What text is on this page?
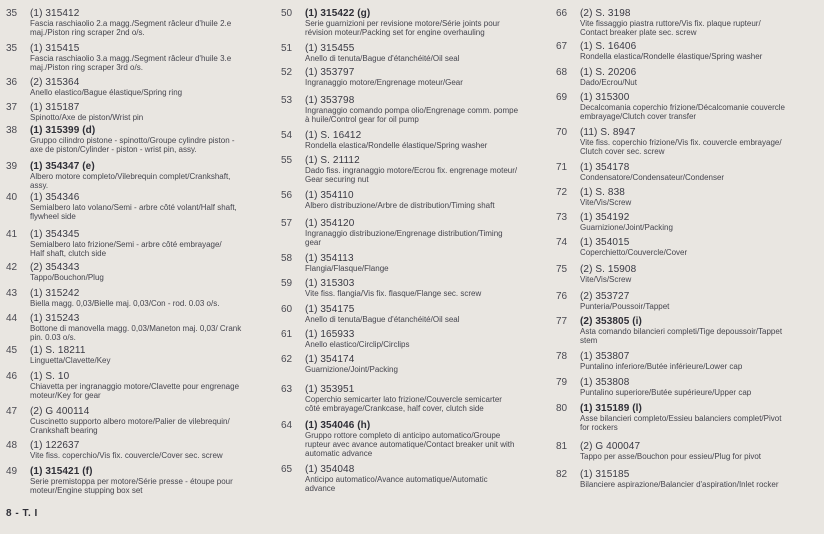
35	(1) 315412
Fascia raschiaolio 2.a magg./Segment râcleur d'huile 2.e
maj./Piston ring scraper 2nd o/s.
35	(1) 315415
Fascia raschiaolio 3.a magg./Segment râcleur d'huile 3.e
maj./Piston ring scraper 3rd o/s.
36	(2) 315364
Anello elastico/Bague élastique/Spring ring
37	(1) 315187
Spinotto/Axe de piston/Wrist pin
38	(1) 315399 (d)
Gruppo cilindro pistone - spinotto/Groupe cylindre piston -
axe de piston/Cylinder - piston - wrist pin, assy.
39	(1) 354347 (e)
Albero motore completo/Vilebrequin complet/Crankshaft,
assy.
40	(1) 354346
Semialbero lato volano/Semi - arbre côté volant/Half shaft,
flywheel side
41	(1) 354345
Semialbero lato frizione/Semi - arbre côté embrayage/
Half shaft, clutch side
42	(2) 354343
Tappo/Bouchon/Plug
43	(1) 315242
Biella magg. 0,03/Bielle maj. 0,03/Con - rod. 0.03 o/s.
44	(1) 315243
Bottone di manovella magg. 0,03/Maneton maj. 0,03/ Crank
pin. 0.03 o/s.
45	(1) S. 18211
Linguetta/Clavette/Key
46	(1) S. 10
Chiavetta per ingranaggio motore/Clavette pour engrenage
moteur/Key for gear
47	(2) G 400114
Cuscinetto supporto albero motore/Palier de vilebrequin/
Crankshaft bearing
48	(1) 122637
Vite fiss. coperchio/Vis fix. couvercle/Cover sec. screw
49	(1) 315421 (f)
Serie premistoppa per motore/Série presse - étoupe pour
moteur/Engine stupping box set
50	(1) 315422 (g)
Serie guarnizioni per revisione motore/Série joints pour
révision moteur/Packing set for engine overhauling
51	(1) 315455
Anello di tenuta/Bague d'étanchéité/Oil seal
52	(1) 353797
Ingranaggio motore/Engrenage moteur/Gear
53	(1) 353798
Ingranaggio comando pompa olio/Engrenage comm. pompe
à huile/Control gear for oil pump
54	(1) S. 16412
Rondella elastica/Rondelle élastique/Spring washer
55	(1) S. 21112
Dado fiss. ingranaggio motore/Ecrou fix. engrenage moteur/
Gear securing nut
56	(1) 354110
Albero distribuzione/Arbre de distribution/Timing shaft
57	(1) 354120
Ingranaggio distribuzione/Engrenage distribution/Timing
gear
58	(1) 354113
Flangia/Flasque/Flange
59	(1) 315303
Vite fiss. flangia/Vis fix. flasque/Flange sec. screw
60	(1) 354175
Anello di tenuta/Bague d'étanchéité/Oil seal
61	(1) 165933
Anello elastico/Circlip/Circlips
62	(1) 354174
Guarnizione/Joint/Packing
63	(1) 353951
Coperchio semicarter lato frizione/Couvercle semicarter
côté embrayage/Crankcase, half cover, clutch side
64	(1) 354046 (h)
Gruppo rottore completo di anticipo automatico/Groupe
rupteur avec avance automatique/Contact breaker unit with
automatic advance
65	(1) 354048
Anticipo automatico/Avance automatique/Automatic
advance
66	(2) S. 3198
Vite fissaggio piastra ruttore/Vis fix. plaque rupteur/
Contact breaker plate sec. screw
67	(1) S. 16406
Rondella elastica/Rondelle élastique/Spring washer
68	(1) S. 20206
Dado/Ecrou/Nut
69	(1) 315300
Decalcomania coperchio frizione/Décalcomanie couvercle
embrayage/Clutch cover transfer
70	(11) S. 8947
Vite fiss. coperchio frizione/Vis fix. couvercle embrayage/
Clutch cover sec. screw
71	(1) 354178
Condensatore/Condensateur/Condenser
72	(1) S. 838
Vite/Vis/Screw
73	(1) 354192
Guarnizione/Joint/Packing
74	(1) 354015
Coperchietto/Couvercle/Cover
75	(2) S. 15908
Vite/Vis/Screw
76	(2) 353727
Punteria/Poussoir/Tappet
77	(2) 353805 (i)
Asta comando bilancieri completi/Tige depoussoir/Tappet
stem
78	(1) 353807
Puntalino inferiore/Butée inférieure/Lower cap
79	(1) 353808
Puntalino superiore/Butée supérieure/Upper cap
80	(1) 315189 (l)
Asse bilancieri completo/Essieu balanciers complet/Pivot
for rockers
81	(2) G 400047
Tappo per asse/Bouchon pour essieu/Plug for pivot
82	(1) 315185
Bilanciere aspirazione/Balancier d'aspiration/Inlet rocker
8 - T. I
